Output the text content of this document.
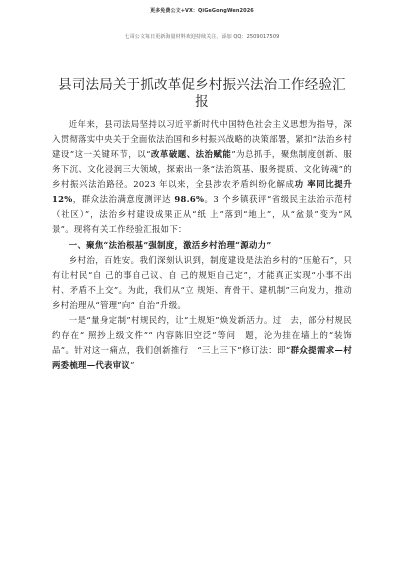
更多免费公文+VX：QiGeGongWen2026
七哥公文每日更新海量材料欢迎持续关注，添加 QQ：2509017509
县司法局关于抓改革促乡村振兴法治工作经验汇报

近年来，县司法局坚持以习近平新时代中国特色社会主义思想为指导，深入贯彻落实中央关于全面依法治国和乡村振兴战略的决策部署，紧扣“法治乡村建设”这一关键环节，以“改革破题、法治赋能”为总抓手，聚焦制度创新、服务下沉、文化浸润三大领域，探索出一条“法治筑基、服务提质、文化铸魂”的乡村振兴法治路径。2023 年以来，全县涉农矛盾纠纷化解成功 率同比提升 12%，群众法治满意度测评达 98.6%。3 个乡镇获评“省级民主法治示范村（社区）”，法治乡村建设成果正从“纸 上”落到“地上”，从“盆景”变为“风景”。现将有关工作经验汇报如下：

一、聚焦“法治根基”强制度，激活乡村治理“源动力”

乡村治，百姓安。我们深刻认识到，制度建设是法治乡村的“压舱石”，只有让村民“自 己的事自己议、自 己的规矩自己定”，才能真正实现“小事不出村、矛盾不上交”。为此，我们从“立 规矩、育骨干、建机制”三向发力，推动乡村治理从“管理”向“ 自治”升级。

一是“量身定制”村规民约，让“土规矩”焕发新活力。过　去，部分村规民约存在“ 照抄上级文件”“ 内容陈旧空泛”等问　题，沦为挂在墙上的“装饰品”。针对这一痛点，我们创新推行　“三上三下”修订法：即“群众提需求—村两委梳理—代表审议”
